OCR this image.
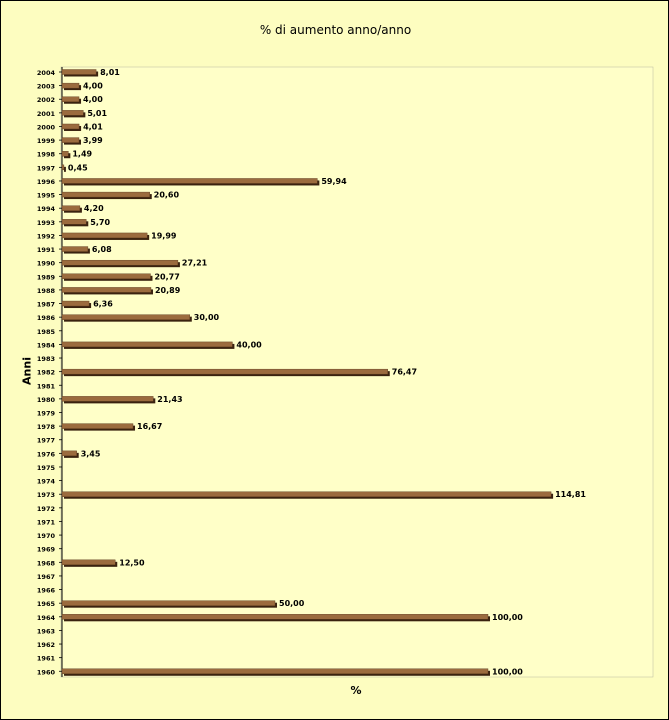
% di aumento anno/anno
Anni
%
2004	8,01
2003	4,00
2002	4,00
2001	5,01
2000	4,01
1999	3,99
1998 1,49
1997 0,45
1996	59,94
1995	20,60
1994	4,20
1993	5,70
1992	19,99
1991	6,08
1990	27,21
1989	20,77
1988	20,89
1987	6,36
1986	30,00
1985
1984	40,00
1983
1982	76,47
1981
1980	21,43
1979
1978	16,67
1977
1976	3,45
1975
1974
1973	114,81
1972
1971
1970
1969
1968	12,50
1967
1966
1965	50,00
1964	100,00
1963
1962
1961
1960	100,00
